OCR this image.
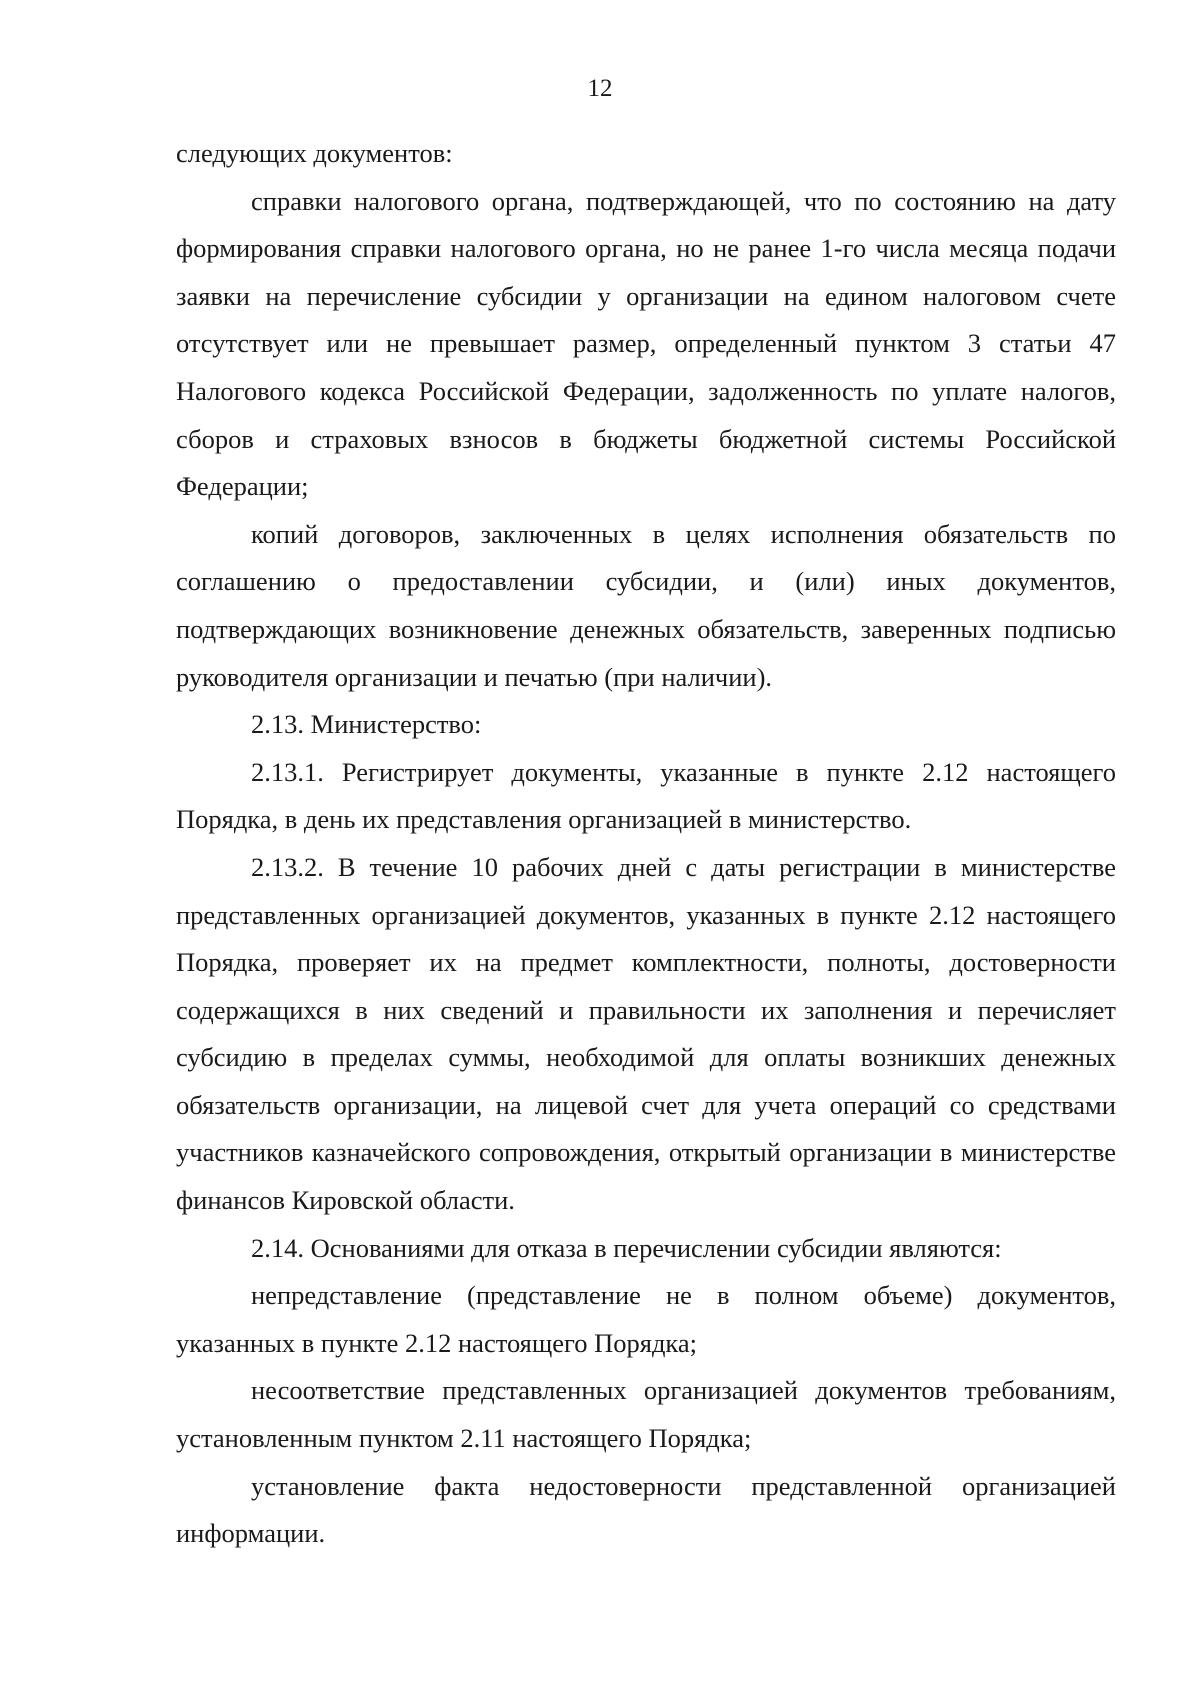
12

следующих документов:

справки налогового органа, подтверждающей, что по состоянию на дату формирования справки налогового органа, но не ранее 1-го числа месяца подачи заявки на перечисление субсидии у организации на едином налоговом счете отсутствует или не превышает размер, определенный пунктом 3 статьи 47 Налогового кодекса Российской Федерации, задолженность по уплате налогов, сборов и страховых взносов в бюджеты бюджетной системы Российской Федерации;

копий договоров, заключенных в целях исполнения обязательств по соглашению о предоставлении субсидии, и (или) иных документов, подтверждающих возникновение денежных обязательств, заверенных подписью руководителя организации и печатью (при наличии).

2.13. Министерство:

2.13.1. Регистрирует документы, указанные в пункте 2.12 настоящего Порядка, в день их представления организацией в министерство.

2.13.2. В течение 10 рабочих дней с даты регистрации в министерстве представленных организацией документов, указанных в пункте 2.12 настоящего Порядка, проверяет их на предмет комплектности, полноты, достоверности содержащихся в них сведений и правильности их заполнения и перечисляет субсидию в пределах суммы, необходимой для оплаты возникших денежных обязательств организации, на лицевой счет для учета операций со средствами участников казначейского сопровождения, открытый организации в министерстве финансов Кировской области.

2.14. Основаниями для отказа в перечислении субсидии являются:

непредставление (представление не в полном объеме) документов, указанных в пункте 2.12 настоящего Порядка;

несоответствие представленных организацией документов требованиям, установленным пунктом 2.11 настоящего Порядка;

установление факта недостоверности представленной организацией информации.
